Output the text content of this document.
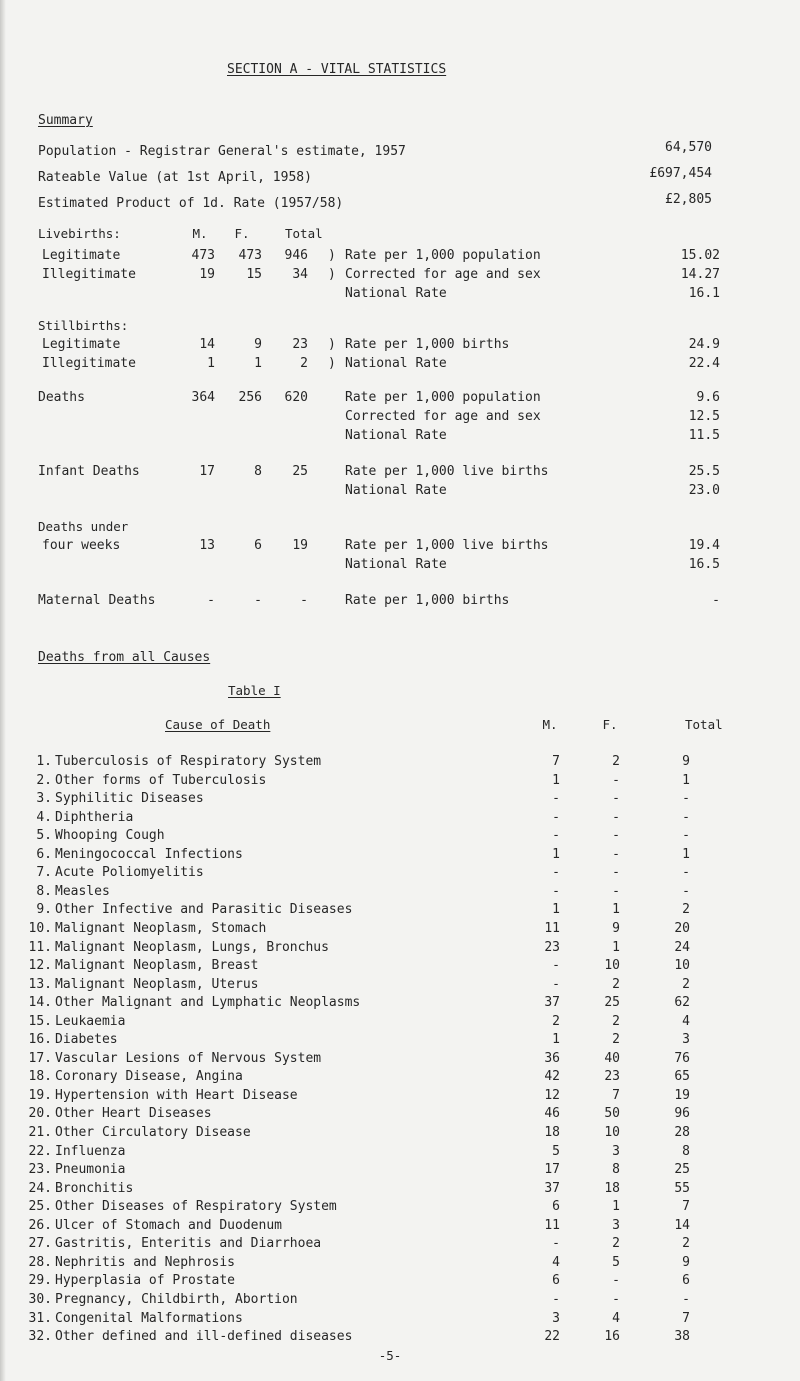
SECTION A - VITAL STATISTICS
Summary
Population - Registrar General's estimate, 1957	64,570
Rateable Value (at 1st April, 1958)	£697,454
Estimated Product of 1d. Rate (1957/58)	£2,805
Livebirths:	M.	F.	Total
Legitimate	473	473	946 ) Rate per 1,000 population	15.02
Illegitimate	19	15	34 ) Corrected for age and sex	14.27
National Rate	16.1
Stillbirths:
Legitimate	14	9	23 ) Rate per 1,000 births	24.9
Illegitimate	1	1	2 ) National Rate	22.4
Deaths	364	256	620	Rate per 1,000 population	9.6
Corrected for age and sex	12.5
National Rate	11.5
Infant Deaths	17	8	25	Rate per 1,000 live births	25.5
National Rate	23.0
Deaths under
four weeks	13	6	19	Rate per 1,000 live births	19.4
National Rate	16.5
Maternal Deaths	-	-	-	Rate per 1,000 births	-
Deaths from all Causes
Table I
Cause of Death	M.	F.	Total
1. Tuberculosis of Respiratory System	7	2	9
2. Other forms of Tuberculosis	1	-	1
3. Syphilitic Diseases	-	-	-
4. Diphtheria	-	-	-
5. Whooping Cough	-	-	-
6. Meningococcal Infections	1	-	1
7. Acute Poliomyelitis	-	-	-
8. Measles	-	-	-
9. Other Infective and Parasitic Diseases	1	1	2
10. Malignant Neoplasm, Stomach	11	9	20
11. Malignant Neoplasm, Lungs, Bronchus	23	1	24
12. Malignant Neoplasm, Breast	-	10	10
13. Malignant Neoplasm, Uterus	-	2	2
14. Other Malignant and Lymphatic Neoplasms	37	25	62
15. Leukaemia	2	2	4
16. Diabetes	1	2	3
17. Vascular Lesions of Nervous System	36	40	76
18. Coronary Disease, Angina	42	23	65
19. Hypertension with Heart Disease	12	7	19
20. Other Heart Diseases	46	50	96
21. Other Circulatory Disease	18	10	28
22. Influenza	5	3	8
23. Pneumonia	17	8	25
24. Bronchitis	37	18	55
25. Other Diseases of Respiratory System	6	1	7
26. Ulcer of Stomach and Duodenum	11	3	14
27. Gastritis, Enteritis and Diarrhoea	-	2	2
28. Nephritis and Nephrosis	4	5	9
29. Hyperplasia of Prostate	6	-	6
30. Pregnancy, Childbirth, Abortion	-	-	-
31. Congenital Malformations	3	4	7
32. Other defined and ill-defined diseases	22	16	38
-5-
